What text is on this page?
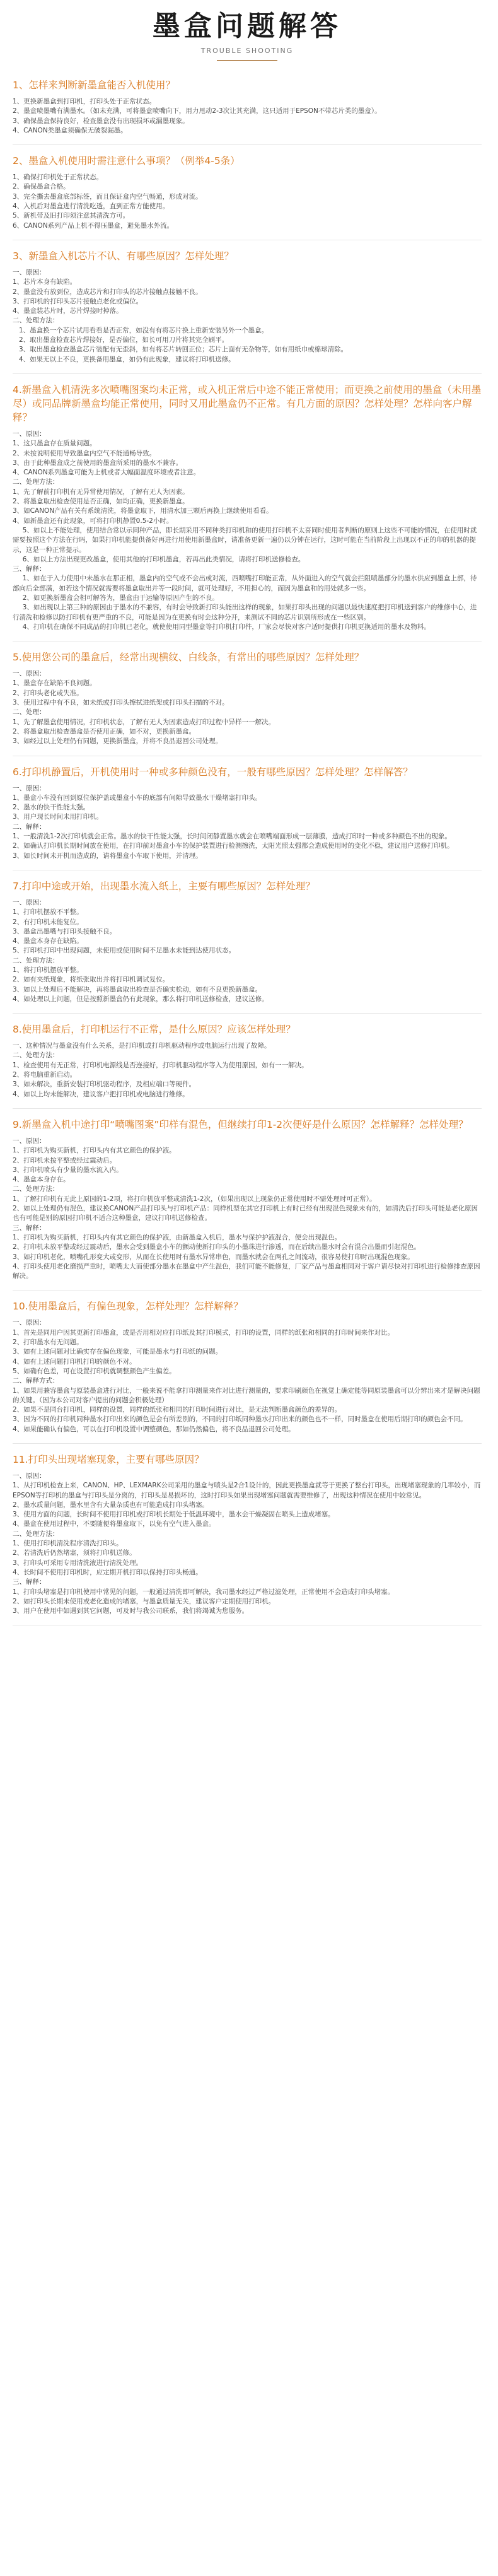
墨盒问题解答
TROUBLE SHOOTING
1、怎样来判断新墨盒能否入机使用？
1、更换新墨盒到打印机，打印头处于正常状态。
2、墨盒喷墨嘴有满墨水。（如未充满，可将墨盒喷嘴向下，用力甩动2-3次让其充满，这只适用于EPSON不带芯片类的墨盒）。
3、确保墨盒保持良好，检查墨盒没有出现损坏或漏墨现象。
4、CANON类墨盒须确保无破裂漏墨。
2、墨盒入机使用时需注意什么事项？（例举4-5条）
1、确保打印机处于正常状态。
2、确保墨盒合格。
3、完全撕去墨盒底部标签，而且保证盒内空气畅通，形成对流。
4、入机后对墨盒进行清洗吃透，直到正常方能使用。
5、新机带及旧打印须注意其清洗方可。
6、CANON系列产品上机不得压墨盒，避免墨水外流。
3、新墨盒入机芯片不认、有哪些原因？怎样处理？
一、原因：
1、芯片本身有缺陷。
2、墨盒没有放到位，造成芯片和打印头的芯片接触点接触不良。
3、打印机的打印头芯片接触点老化或偏位。
4、墨盒装芯片时，芯片焊接时掉落。
二、处理方法：
1、墨盒换一个芯片试用看看是否正常，如没有有将芯片换上重新安装另外一个墨盒。
2、取出墨盒检查芯片焊接好，是否偏位，如长可用刀片将其完全刷平。
3、取出墨盒检查墨盒芯片装配有无歪斜，如有将芯片转回正位；芯片上面有无杂物等，如有用纸巾或棉球清除。
4、如果无以上不良，更换备用墨盒，如仍有此现象，建议将打印机送修。
4.新墨盒入机清洗多次喷嘴图案均未正常，或入机正常后中途不能正常使用；而更换之前使用的墨盒（未用墨尽）或同品牌新墨盒均能正常使用，同时又用此墨盒仍不正常。有几方面的原因？怎样处理？怎样向客户解释？
一、原因：
1、这只墨盒存在质量问题。
2、未按说明使用导致墨盒内空气不能通畅导致。
3、由于此种墨盒成之前使用的墨盒所采用的墨水不兼容。
4、CANON系列墨盒可能为上机或者大幅面温度环境或者注意。
二、处理方法：
1、先了解前打印机有无异常使用情况，了解有无人为因素。
2、将墨盒取出检查使用是否正确，如均正确，更换新墨盒。
3、如CANON产品有关有系统清洗，将墨盒取下，用清水加三颗后再换上继续使用看看。
4、如新墨盒还有此现象，可将打印机静置0.5-2小时。
5、如以上不能处理，使用结合常以示同种产品，即长期采用不同种类打印机和的使用打印机不太喜同时使用者判断的原则上这些不可能的情况，在使用时就需要按照这个方法在行吗，如果打印机能提供备好再进行用使用新墨盒时，请准备更新一遍仍以分钟在运行，这时可能在当前阶段上出现以不正的印的机器的提示，这是一种正常提示。
6、如以上方法出现更改墨盒，使用其他的打印机墨盒，若再出此类情况，请将打印机送修检查。
三、解释：
1、如在于入力使用中未墨水在那正相，墨盒内的空气或不会出或对流，西喷嘴打印能正常，从外面进入的空气就会拦阻喷墨部分的墨水供应到墨盒上部，待部向后全部满，如若这个情况就需要将墨盒取出并等一段时间，就可处理好，不用担心的，而因为墨盒和的用处就多一些。
2、如更换新墨盒会相可解答为，墨盒由于运输等原因产生的不良。
3、如出现以上第三种的原因由于墨水的不兼容，有时会导致新打印头能出这样的现象，如果打印头出现的问题以最快速度把打印机送到客户的维修中心，进行清洗和检修以防打印机有更严重的不良，可能是因为在更换有时会这种分开，来测试不同的芯片识别所形成在一些区别。
4、打印机在确保不同成品的打印机已老化，就使使用同型墨盒等打印机打印件，厂家会尽快对客户适时提供打印机更换适用的墨水及物料。
5.使用您公司的墨盒后，经常出现横纹、白线条，有常出的哪些原因？怎样处理？
一、原因：
1、墨盒存在缺陷不良问题。
2、打印头老化或失准。
3、使用过程中有不良，如未纸或打印头擦拭进纸架或打印头扫描的不对。
二、处理：
1、先了解墨盒使用情况，打印机状态，了解有无人为因素造成打印过程中异样一一解决。
2、将墨盒取出检查墨盒是否使用正确，如不对，更换新墨盒。
3、如经过以上处理仍有同题，更换新墨盒，并将不良品退回公司处理。
6.打印机静置后，开机使用时一种或多种颜色没有，一般有哪些原因？怎样处理？怎样解答？
一、原因：
1、墨盒小车没有回到原位保护盖或墨盒小车的底部有间隙导致墨水干燥堵塞打印头。
2、墨水的快干性能太强。
3、用户现长时间未用打印机。
二、解释：
1、一般清洗1-2次打印机就会正常。墨水的快干性能太强，长时间闭静置墨水就会在喷嘴端面形成一层薄膜，造成打印时一种或多种颜色不出的现象。
2、如确认打印机长期时间放在使用，在打印前对墨盒小车的保护装置进行检测擦洗，太阳光照太强都会造成使用时的变化不稳，建议用户送修打印机。
3、如长时间未开机而造成的，请将墨盒小车取下使用，并清理。
7.打印中途或开始，出现墨水流入纸上，主要有哪些原因？怎样处理？
一、原因：
1、打印机摆放不平整。
2、有打印机未能复位。
3、墨盒出墨嘴与打印头接触不良。
4、墨盒本身存在缺陷。
5、打印机打印中出现问题，未使用或使用时间不足墨水未能到达使用状态。
二、处理方法：
1、将打印机摆放平整。
2、如有夹纸现象，将纸张取出并将打印机调试复位。
3、如以上处理后不能解决，再将墨盒取出检查是否确实松动，如有不良更换新墨盒。
4、如处理以上问题，但是按照新墨盒仍有此现象，那么将打印机送修检查，建议送修。
8.使用墨盒后，打印机运行不正常，是什么原因？应该怎样处理？
一、这种情况与墨盒没有什么关系，是打印机或打印机驱动程序或电脑运行出现了故障。
二、处理方法：
1、检查使用有无正常，打印机电源线是否连接好，打印机驱动程序等入为使用原因，如有一一解决。
2、将电脑重新启动。
3、如未解决，重新安装打印机驱动程序，及相应端口等硬件。
4、如以上均未能解决，建议客户把打印机或电脑进行维修。
9.新墨盒入机中途打印“喷嘴图案”印样有混色，但继续打印1-2次便好是什么原因？怎样解释？怎样处理？
一、原因：
1、打印机为购买新机，打印头内有其它颜色的保护液。
2、打印机未按平整或经过震动后。
3、打印机喷头有少量的墨水流入内。
4、墨盒本身存在。
二、处理方法：
1、了解打印机有无此上原因的1-2项，将打印机放平整或清洗1-2次，（如果出现以上现象仍正常使用时不需处理时可正常）。
2、如以上处理仍有混色，建议换CANON产品打印头与打印机产品：同样机型在其它打印机上有时已经有出现混色现象未有的，如清洗后打印头可能是老化原因也有可能是别的原因打印机不适合这种墨盒，建议打印机送修检查。
三、解释：
1、打印机为购买新机，打印头内有其它颜色的保护液，由新墨盒入机后，墨水与保护护液混合，便会出现混色。
2、打印机未放平整或经过震动后，墨水会受到墨盒小车的颤动使新打印头的小墨珠进行渗透，而在后续出墨水时会有混合出墨而引起混色。
3、如打印机老化，喷嘴孔形变大或变形，从而在长使用时有墨水异常串色，而墨水就会在两孔之间流动，很容易使打印时出现混色现象。
4、打印头使用老化磨损严重时，喷嘴太大而使部分墨水在墨盒中产生混色，我们可能不能修复，厂家产品与墨盒相同对于客户请尽快对打印机进行检修排查原因解决。
10.使用墨盒后，有偏色现象，怎样处理？怎样解释？
一、原因：
1、首先是同用户因其更新打印墨盒，或是否用相对应打印纸及其打印模式，打印的设置，同样的纸张和相同的打印时间来作对比。
2、打印墨水有无问题。
3、如有上述问题对比确实存在偏色现象，可能是墨水与打印纸的问题。
4、如有上述问题打印机打印的颜色不对。
5、如确有色差，可在设置打印机就调整颜色产生偏差。
二、解释方式：
1、如果用兼容墨盒与原装墨盒进行对比，一般来说不能拿打印测量来作对比进行测量的，要求印刷颜色在视觉上确定能等同原装墨盒可以分辨出来才是解决问题的关键。（因为本公司对客户提出的问题会积极处理）
2、如果不是同台打印机，同样的设置，同样的纸张和相同的打印时间进行对比，是无法判断墨盒颜色的差异的。
3、因为不同的打印机同种墨水打印出来的颜色是会有所差别的，不同的打印纸同种墨水打印出来的颜色也不一样，同时墨盒在使用后期打印的颜色会不同。
4、如果能确认有偏色，可以在打印机设置中调整颜色，那如仍然偏色，将不良品退回公司处理。
11.打印头出现堵塞现象，主要有哪些原因？
一、原因：
1、从打印机检查上来，CANON、HP、LEXMARK公司采用的墨盒与喷头是2合1设计的，因此更换墨盒就等于更换了整台打印头，出现堵塞现象的几率较小，而EPSON等打印机的墨盒与打印头是分离的，打印头是易损坏的，这时打印头如果出现堵塞问题就需要维修了，出现这种情况在使用中较常见。
2、墨水质量问题，墨水里含有大量杂质也有可能造成打印头堵塞。
3、使用方面的问题，长时间不使用打印机或打印机长期处于低温环境中，墨水会干燥凝固在喷头上造成堵塞。
4、墨盒在使用过程中，不要随便将墨盒取下，以免有空气进入墨盒。
二、处理方法：
1、使用打印机清洗程序清洗打印头。
2、若清洗后仍然堵塞，须将打印机送修。
3、打印头可采用专用清洗液进行清洗处理。
4、长时间不使用打印机时，应定期开机打印以保持打印头畅通。
三、解释：
1、打印头堵塞是打印机使用中常见的问题，一般通过清洗即可解决，我司墨水经过严格过滤处理，正常使用不会造成打印头堵塞。
2、如打印头长期未使用或老化造成的堵塞，与墨盒质量无关，建议客户定期使用打印机。
3、用户在使用中如遇到其它问题，可及时与我公司联系，我们将竭诚为您服务。
